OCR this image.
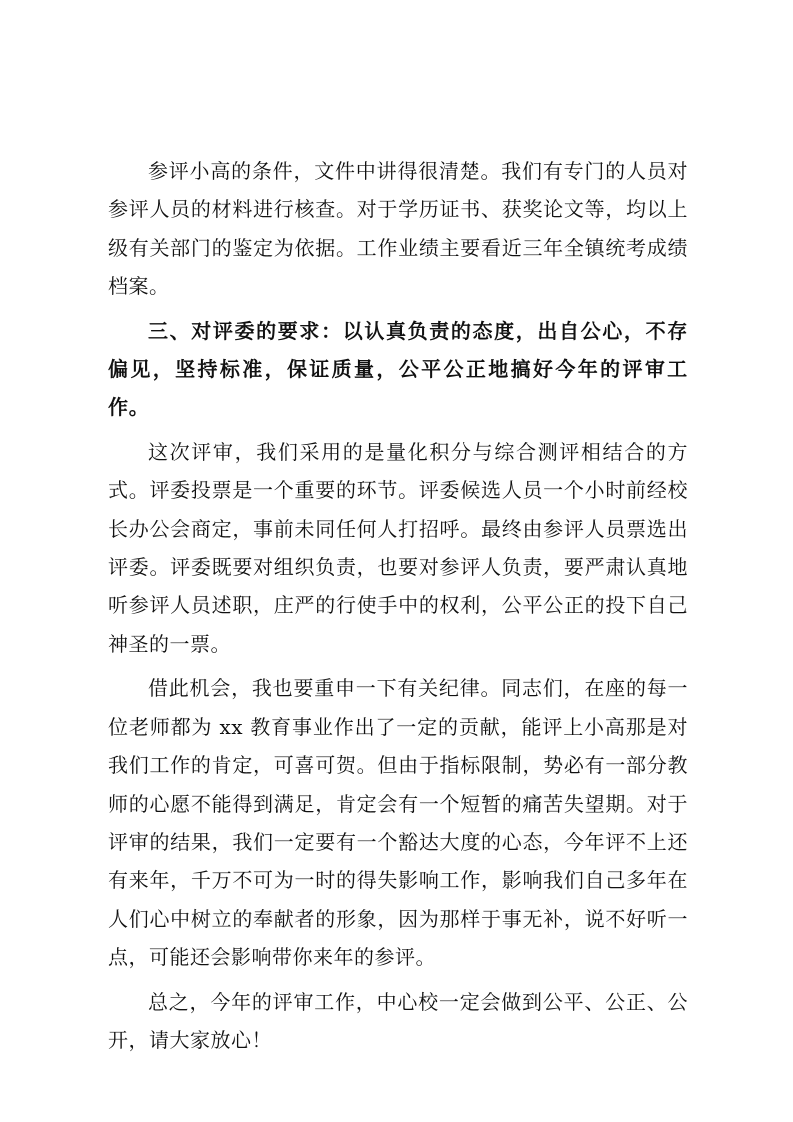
参评小高的条件，文件中讲得很清楚。我们有专门的人员对参评人员的材料进行核查。对于学历证书、获奖论文等，均以上级有关部门的鉴定为依据。工作业绩主要看近三年全镇统考成绩档案。

三、对评委的要求：以认真负责的态度，出自公心，不存偏见，坚持标准，保证质量，公平公正地搞好今年的评审工作。

这次评审，我们采用的是量化积分与综合测评相结合的方式。评委投票是一个重要的环节。评委候选人员一个小时前经校长办公会商定，事前未同任何人打招呼。最终由参评人员票选出评委。评委既要对组织负责，也要对参评人负责，要严肃认真地听参评人员述职，庄严的行使手中的权利，公平公正的投下自己神圣的一票。

借此机会，我也要重申一下有关纪律。同志们，在座的每一位老师都为 xx 教育事业作出了一定的贡献，能评上小高那是对我们工作的肯定，可喜可贺。但由于指标限制，势必有一部分教师的心愿不能得到满足，肯定会有一个短暂的痛苦失望期。对于评审的结果，我们一定要有一个豁达大度的心态，今年评不上还有来年，千万不可为一时的得失影响工作，影响我们自己多年在人们心中树立的奉献者的形象，因为那样于事无补，说不好听一点，可能还会影响带你来年的参评。

总之，今年的评审工作，中心校一定会做到公平、公正、公开，请大家放心！
